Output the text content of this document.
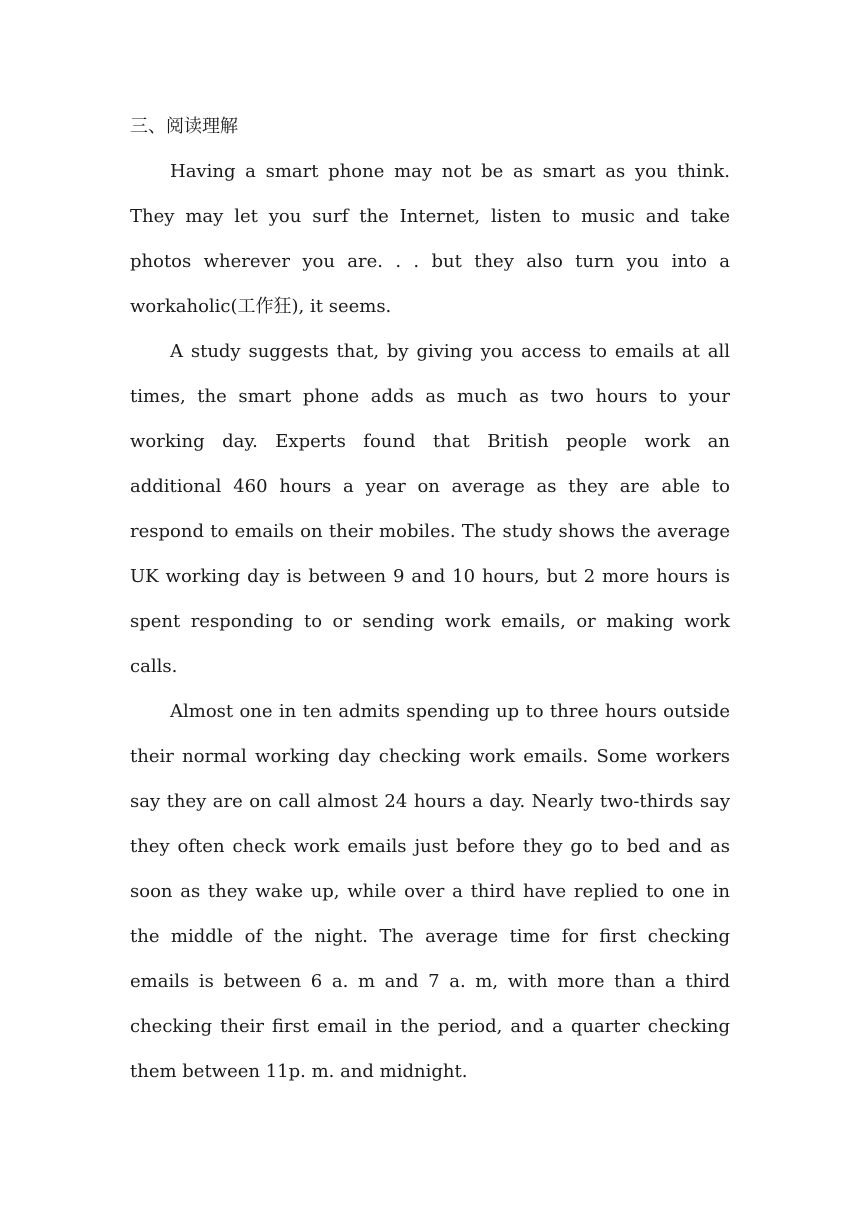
三、阅读理解

Having a smart phone may not be as smart as you think. They may let you surf the Internet, listen to music and take photos wherever you are. . . but they also turn you into a workaholic(工作狂), it seems.

A study suggests that, by giving you access to emails at all times, the smart phone adds as much as two hours to your working day. Experts found that British people work an additional 460 hours a year on average as they are able to respond to emails on their mobiles. The study shows the average UK working day is between 9 and 10 hours, but 2 more hours is spent responding to or sending work emails, or making work calls.

Almost one in ten admits spending up to three hours outside their normal working day checking work emails. Some workers say they are on call almost 24 hours a day. Nearly two-thirds say they often check work emails just before they go to bed and as soon as they wake up, while over a third have replied to one in the middle of the night. The average time for first checking emails is between 6 a. m and 7 a. m, with more than a third checking their first email in the period, and a quarter checking them between 11p. m. and midnight.
